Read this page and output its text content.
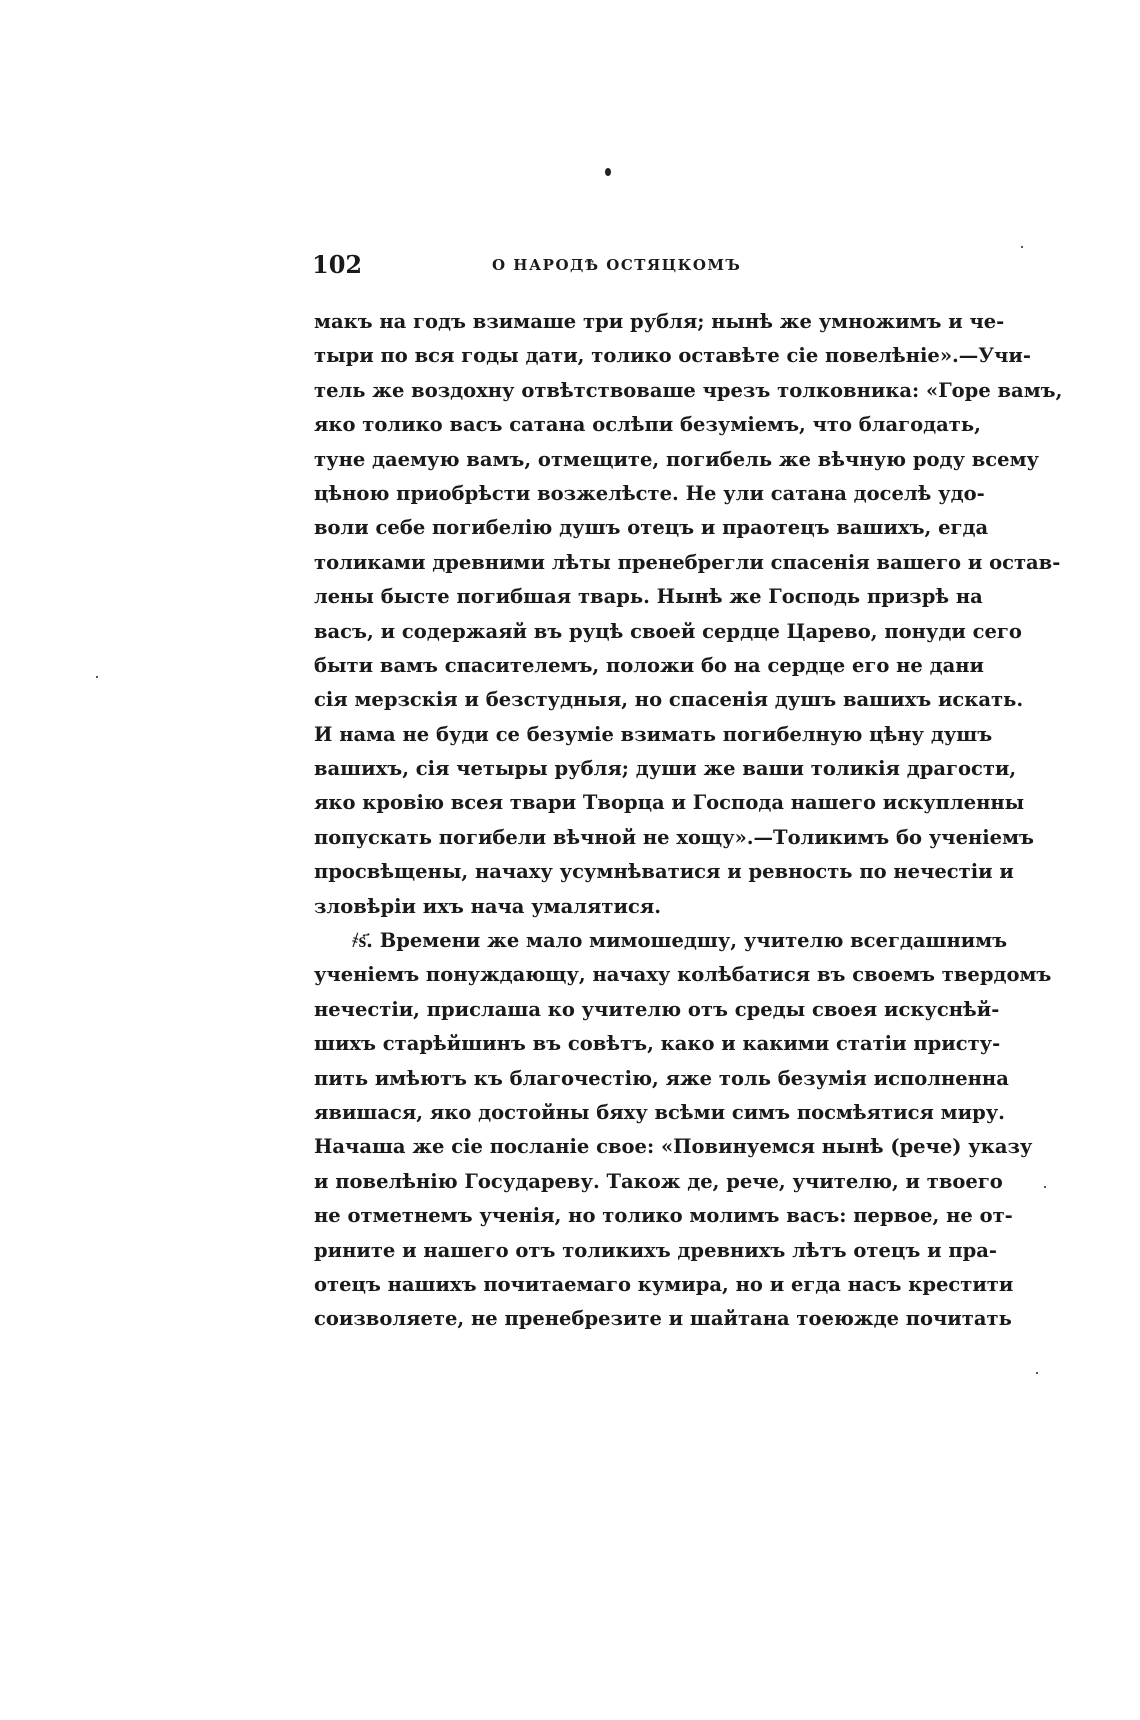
102	О НАРОДѢ ОСТЯЦКОМЪ
макъ на годъ взимаше три рубля; нынѣ же умножимъ и че-
тыри по вся годы дати, толико оставѣте сіе повелѣніе».—Учи-
тель же воздохну отвѣтствоваше чрезъ толковника: «Горе вамъ,
яко толико васъ сатана ослѣпи безуміемъ, что благодать,
туне даемую вамъ, отмещите, погибель же вѣчную роду всему
цѣною приобрѣсти возжелѣсте. Не ули сатана доселѣ удо-
воли себе погибелію душъ отецъ и праотецъ вашихъ, егда
толиками древними лѣты пренебрегли спасенія вашего и остав-
лены бысте погибшая тварь. Нынѣ же Господь призрѣ на
васъ, и содержаяй въ руцѣ своей сердце Царево, понуди сего
быти вамъ спасителемъ, положи бо на сердце его не дани
сія мерзскія и безстудныя, но спасенія душъ вашихъ искать.
И нама не буди се безуміе взимать погибелную цѣну душъ
вашихъ, сія четыры рубля; души же ваши толикія драгости,
яко кровію всея твари Творца и Господа нашего искупленны
попускать погибели вѣчной не хощу».—Толикимъ бо ученіемъ
просвѣщены, начаху усумнѣватися и ревность по нечестіи и
зловѣріи ихъ нача умалятися.
҂ѕ҃. Времени же мало мимошедшу, учителю всегдашнимъ
ученіемъ понуждающу, начаху колѣбатися въ своемъ твердомъ
нечестіи, прислаша ко учителю отъ среды своея искуснѣй-
шихъ старѣйшинъ въ совѣтъ, како и какими статіи присту-
пить имѣютъ къ благочестію, яже толь безумія исполненна
явишася, яко достойны бяху всѣми симъ посмѣятися миру.
Начаша же сіе посланіе свое: «Повинуемся нынѣ (рече) указу
и повелѣнію Государеву. Також де, рече, учителю, и твоего
не отметнемъ ученія, но толико молимъ васъ: первое, не от-
рините и нашего отъ толикихъ древнихъ лѣтъ отецъ и пра-
отецъ нашихъ почитаемаго кумира, но и егда насъ крестити
соизволяете, не пренебрезите и шайтана тоеюжде почитать
